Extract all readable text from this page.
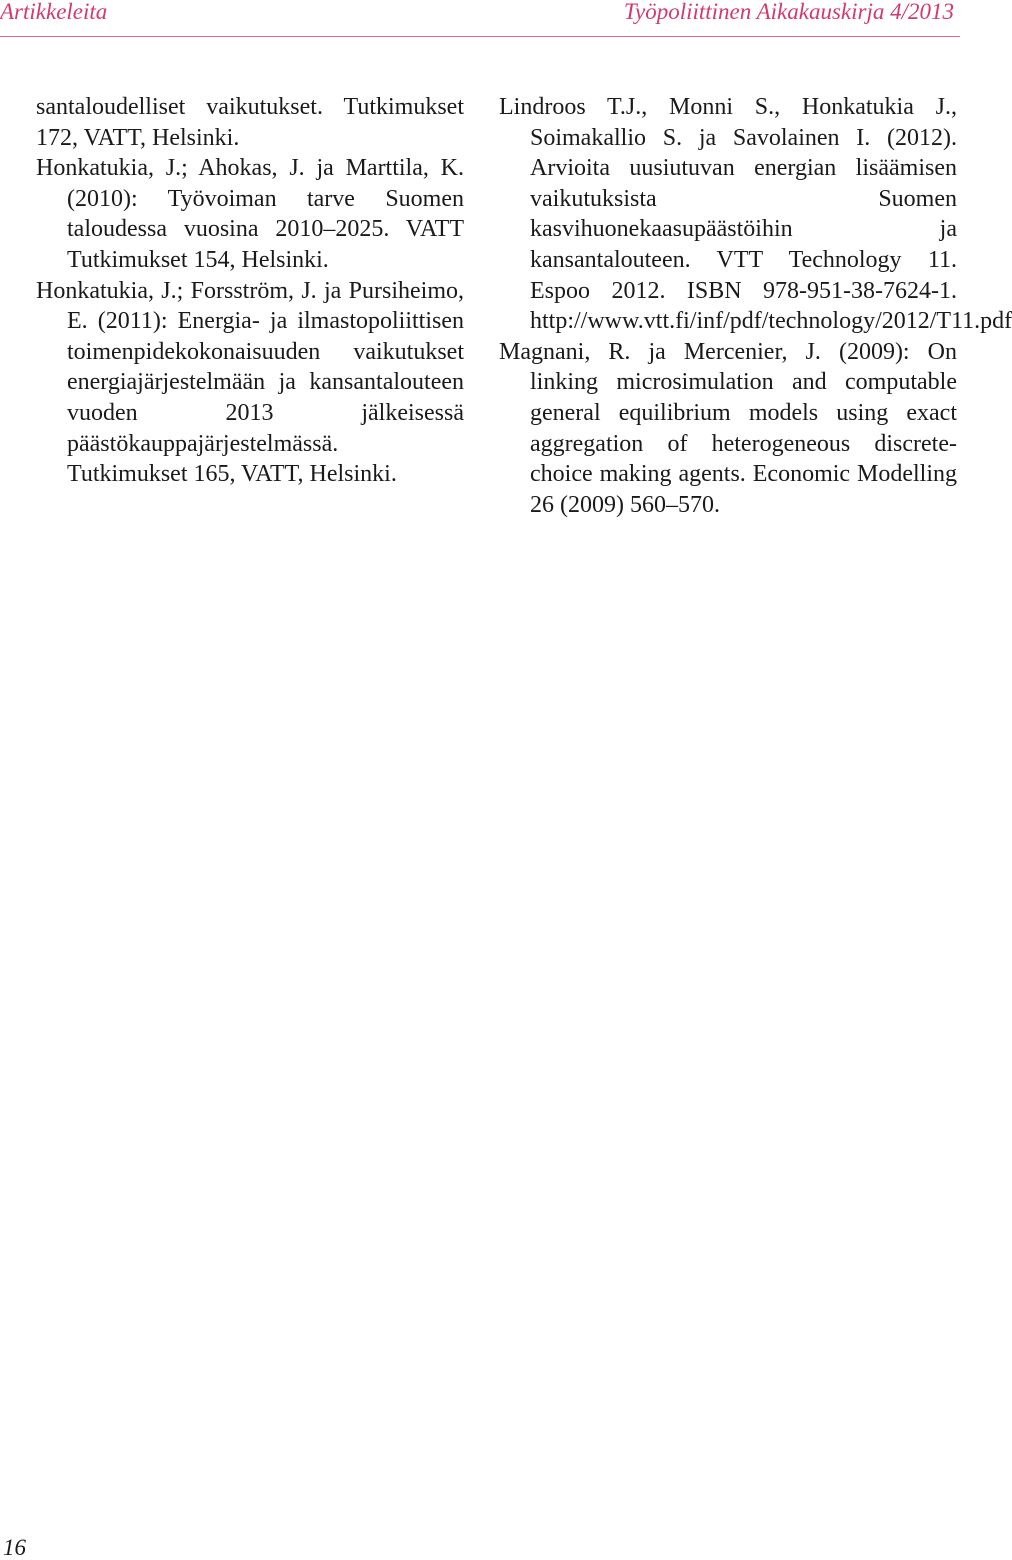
Artikkeleita	Työpoliittinen Aikakauskirja 4/2013

santaloudelliset vaikutukset. Tutkimukset 172, VATT, Helsinki.

Honkatukia, J.; Ahokas, J. ja Marttila, K. (2010): Työvoiman tarve Suomen taloudessa vuosina 2010–2025. VATT Tutkimukset 154, Helsinki.

Honkatukia, J.; Forsström, J. ja Pursiheimo, E. (2011): Energia- ja ilmastopoliittisen toimenpidekokonaisuuden vaikutukset energiajärjestelmään ja kansantalouteen vuoden 2013 jälkeisessä päästökauppajärjestelmässä. Tutkimukset 165, VATT, Helsinki.

Lindroos T.J., Monni S., Honkatukia J., Soimakallio S. ja Savolainen I. (2012). Arvioita uusiutuvan energian lisäämisen vaikutuksista Suomen kasvihuonekaasupäästöihin ja kansantalouteen. VTT Technology 11. Espoo 2012. ISBN 978-951-38-7624-1. http://www.vtt.fi/inf/pdf/technology/2012/T11.pdf

Magnani, R. ja Mercenier, J. (2009): On linking microsimulation and computable general equilibrium models using exact aggregation of heterogeneous discrete-choice making agents. Economic Modelling 26 (2009) 560–570.

16
